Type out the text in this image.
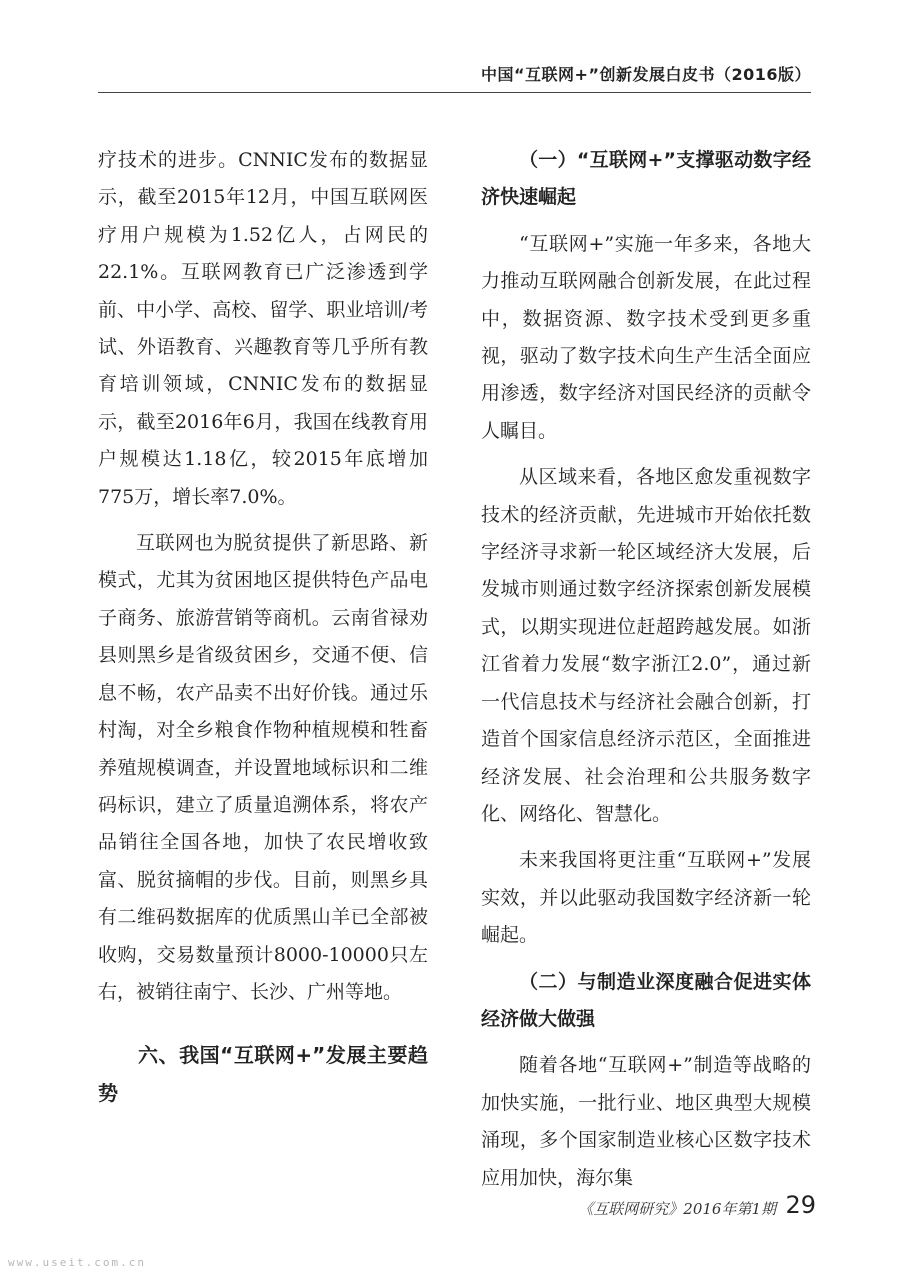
中国“互联网+”创新发展白皮书（2016版）

疗技术的进步。CNNIC发布的数据显示，截至2015年12月，中国互联网医疗用户规模为1.52亿人，占网民的22.1%。互联网教育已广泛渗透到学前、中小学、高校、留学、职业培训/考试、外语教育、兴趣教育等几乎所有教育培训领域，CNNIC发布的数据显示，截至2016年6月，我国在线教育用户规模达1.18亿，较2015年底增加775万，增长率7.0%。

互联网也为脱贫提供了新思路、新模式，尤其为贫困地区提供特色产品电子商务、旅游营销等商机。云南省禄劝县则黑乡是省级贫困乡，交通不便、信息不畅，农产品卖不出好价钱。通过乐村淘，对全乡粮食作物种植规模和牲畜养殖规模调查，并设置地域标识和二维码标识，建立了质量追溯体系，将农产品销往全国各地，加快了农民增收致富、脱贫摘帽的步伐。目前，则黑乡具有二维码数据库的优质黑山羊已全部被收购，交易数量预计8000-10000只左右，被销往南宁、长沙、广州等地。

六、我国“互联网+”发展主要趋势
（一）“互联网+”支撑驱动数字经济快速崛起

“互联网+”实施一年多来，各地大力推动互联网融合创新发展，在此过程中，数据资源、数字技术受到更多重视，驱动了数字技术向生产生活全面应用渗透，数字经济对国民经济的贡献令人瞩目。

从区域来看，各地区愈发重视数字技术的经济贡献，先进城市开始依托数字经济寻求新一轮区域经济大发展，后发城市则通过数字经济探索创新发展模式，以期实现进位赶超跨越发展。如浙江省着力发展“数字浙江2.0”，通过新一代信息技术与经济社会融合创新，打造首个国家信息经济示范区，全面推进经济发展、社会治理和公共服务数字化、网络化、智慧化。

未来我国将更注重“互联网+”发展实效，并以此驱动我国数字经济新一轮崛起。

（二）与制造业深度融合促进实体经济做大做强

随着各地“互联网+”制造等战略的加快实施，一批行业、地区典型大规模涌现，多个国家制造业核心区数字技术应用加快，海尔集

《互联网研究》2016年第1期 29
www.useit.com.cn
